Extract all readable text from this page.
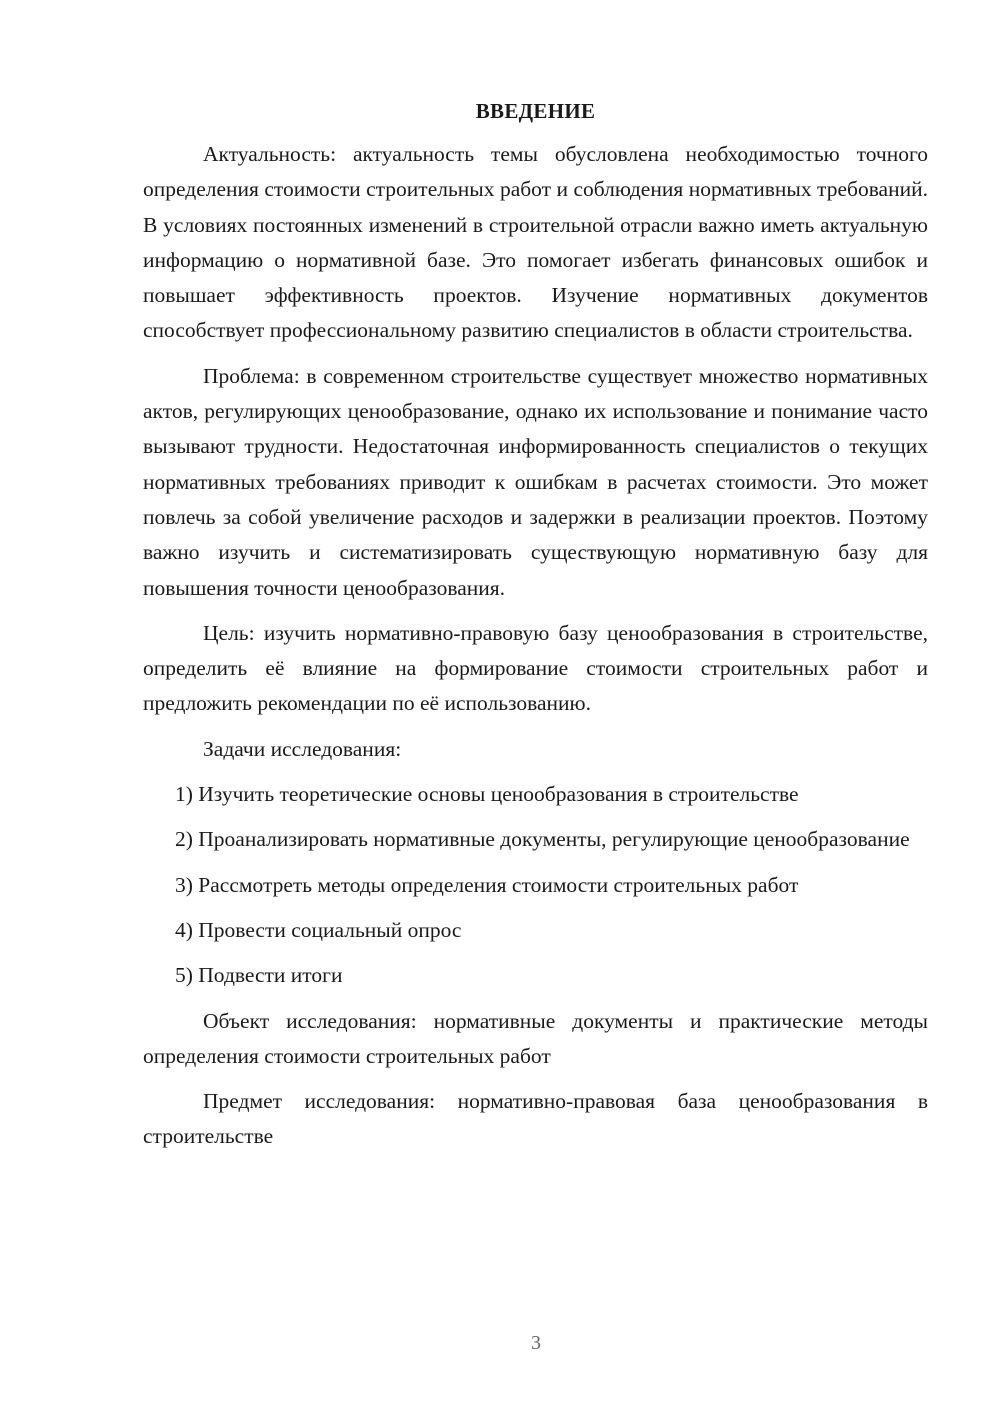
ВВЕДЕНИЕ

Актуальность: актуальность темы обусловлена необходимостью точного определения стоимости строительных работ и соблюдения нормативных требований. В условиях постоянных изменений в строительной отрасли важно иметь актуальную информацию о нормативной базе. Это помогает избегать финансовых ошибок и повышает эффективность проектов. Изучение нормативных документов способствует профессиональному развитию специалистов в области строительства.

Проблема: в современном строительстве существует множество нормативных актов, регулирующих ценообразование, однако их использование и понимание часто вызывают трудности. Недостаточная информированность специалистов о текущих нормативных требованиях приводит к ошибкам в расчетах стоимости. Это может повлечь за собой увеличение расходов и задержки в реализации проектов. Поэтому важно изучить и систематизировать существующую нормативную базу для повышения точности ценообразования.

Цель: изучить нормативно-правовую базу ценообразования в строительстве, определить её влияние на формирование стоимости строительных работ и предложить рекомендации по её использованию.

Задачи исследования:

1) Изучить теоретические основы ценообразования в строительстве

2) Проанализировать нормативные документы, регулирующие ценообразование

3) Рассмотреть методы определения стоимости строительных работ

4) Провести социальный опрос

5) Подвести итоги

Объект исследования: нормативные документы и практические методы определения стоимости строительных работ

Предмет исследования: нормативно-правовая база ценообразования в строительстве

3
